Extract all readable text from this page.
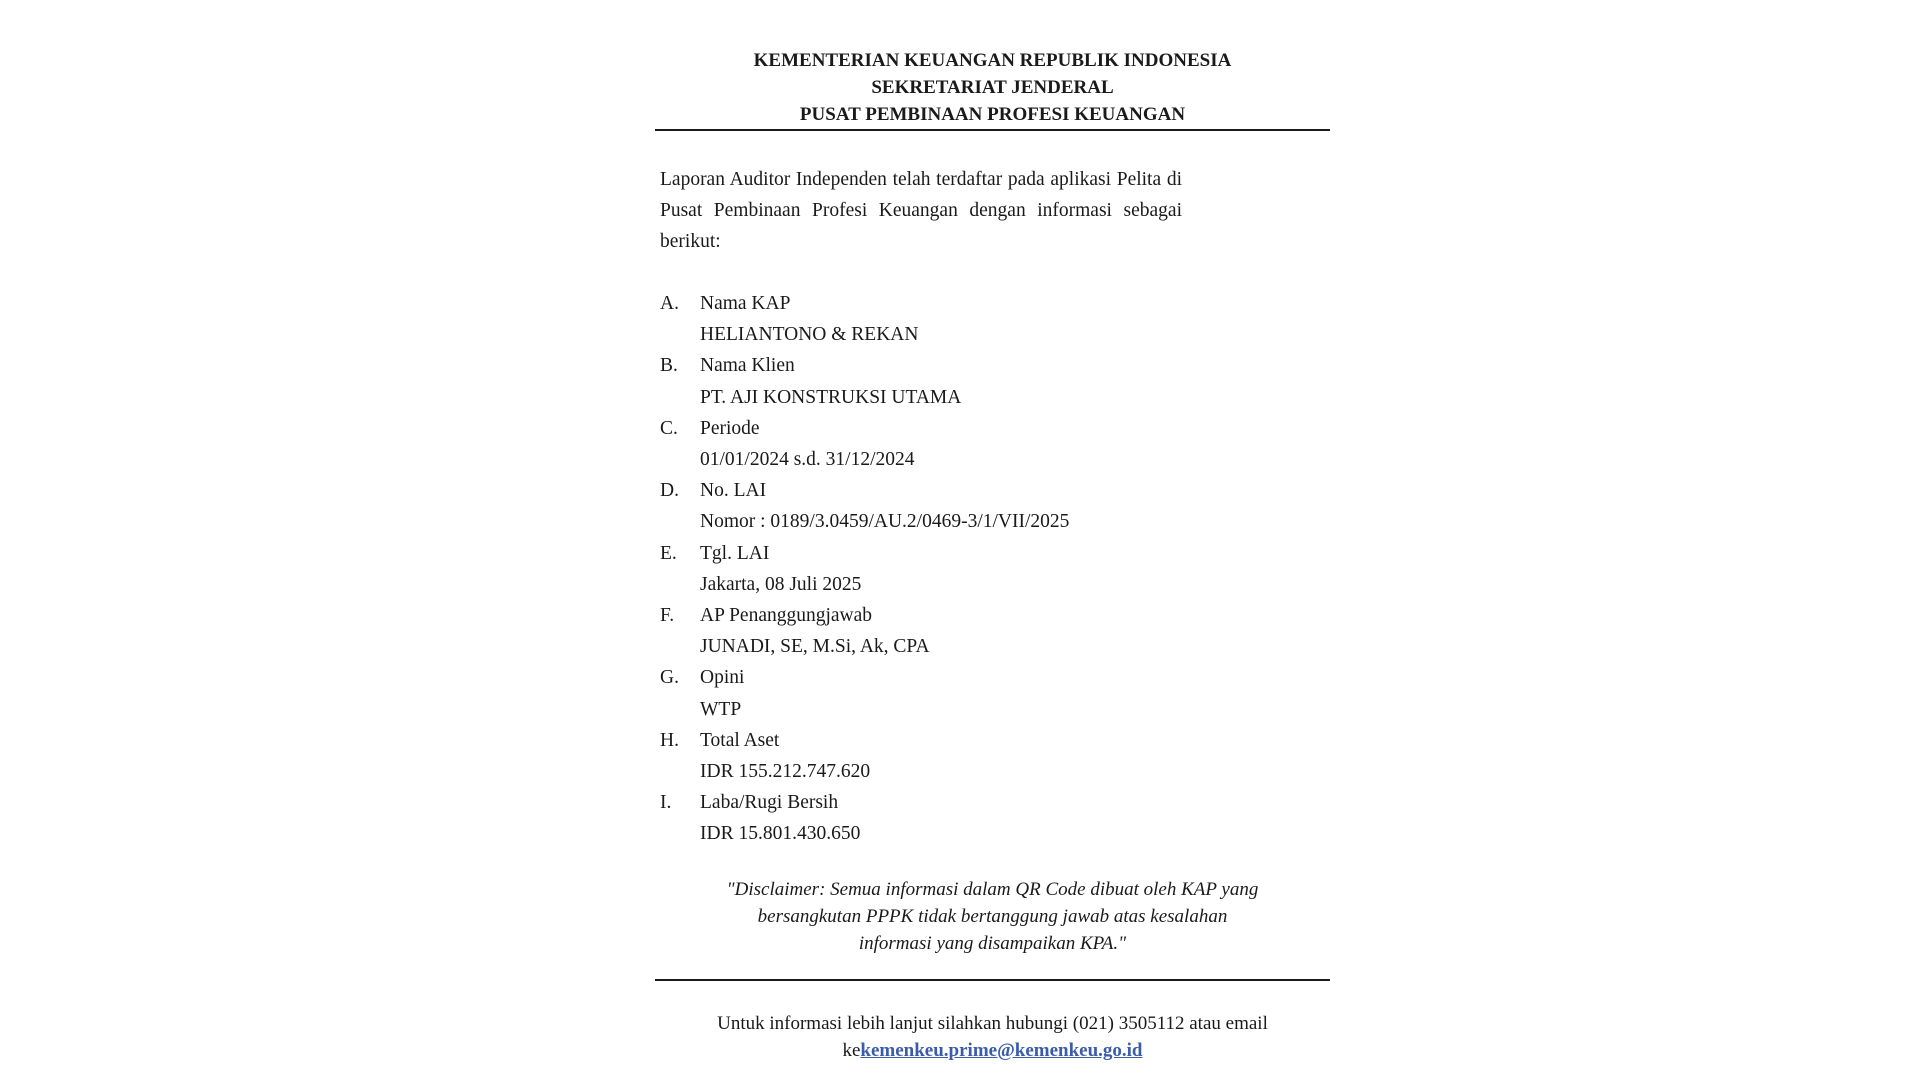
KEMENTERIAN KEUANGAN REPUBLIK INDONESIA
SEKRETARIAT JENDERAL
PUSAT PEMBINAAN PROFESI KEUANGAN
Laporan Auditor Independen telah terdaftar pada aplikasi Pelita di Pusat Pembinaan Profesi Keuangan dengan informasi sebagai berikut:
A.	Nama KAP
HELIANTONO & REKAN
B.	Nama Klien
PT. AJI KONSTRUKSI UTAMA
C.	Periode
01/01/2024 s.d. 31/12/2024
D.	No. LAI
Nomor : 0189/3.0459/AU.2/0469-3/1/VII/2025
E.	Tgl. LAI
Jakarta, 08 Juli 2025
F.	AP Penanggungjawab
JUNADI, SE, M.Si, Ak, CPA
G.	Opini
WTP
H.	Total Aset
IDR 155.212.747.620
I.	Laba/Rugi Bersih
IDR 15.801.430.650
"Disclaimer: Semua informasi dalam QR Code dibuat oleh KAP yang bersangkutan PPPK tidak bertanggung jawab atas kesalahan informasi yang disampaikan KPA."
Untuk informasi lebih lanjut silahkan hubungi (021) 3505112 atau email kekemenkeu.prime@kemenkeu.go.id
